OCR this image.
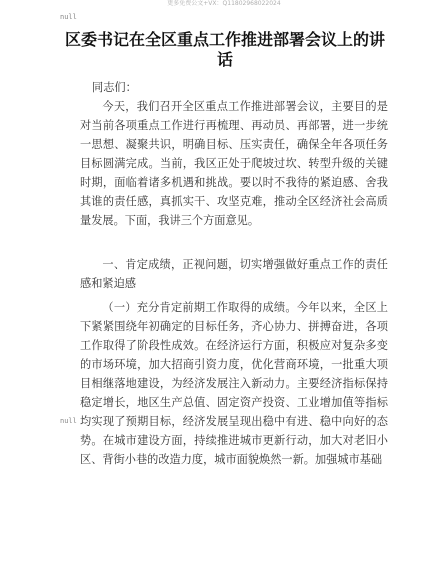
更多免费公文+VX：Q11802968022024
null
区委书记在全区重点工作推进部署会议上的讲话

同志们：

今天，我们召开全区重点工作推进部署会议，主要目的是对当前各项重点工作进行再梳理、再动员、再部署，进一步统一思想、凝聚共识，明确目标、压实责任，确保全年各项任务目标圆满完成。当前，我区正处于爬坡过坎、转型升级的关键时期，面临着诸多机遇和挑战。要以时不我待的紧迫感、舍我其谁的责任感，真抓实干、攻坚克难，推动全区经济社会高质量发展。下面，我讲三个方面意见。

一、肯定成绩，正视问题，切实增强做好重点工作的责任感和紧迫感

（一）充分肯定前期工作取得的成绩。今年以来，全区上下紧紧围绕年初确定的目标任务，齐心协力、拼搏奋进，各项工作取得了阶段性成效。在经济运行方面，积极应对复杂多变的市场环境，加大招商引资力度，优化营商环境，一批重大项目相继落地建设，为经济发展注入新动力。主要经济指标保持稳定增长，地区生产总值、固定资产投资、工业增加值等指标均实现了预期目标，经济发展呈现出稳中有进、稳中向好的态势。在城市建设方面，持续推进城市更新行动，加大对老旧小区、背街小巷的改造力度，城市面貌焕然一新。加强城市基础

null
